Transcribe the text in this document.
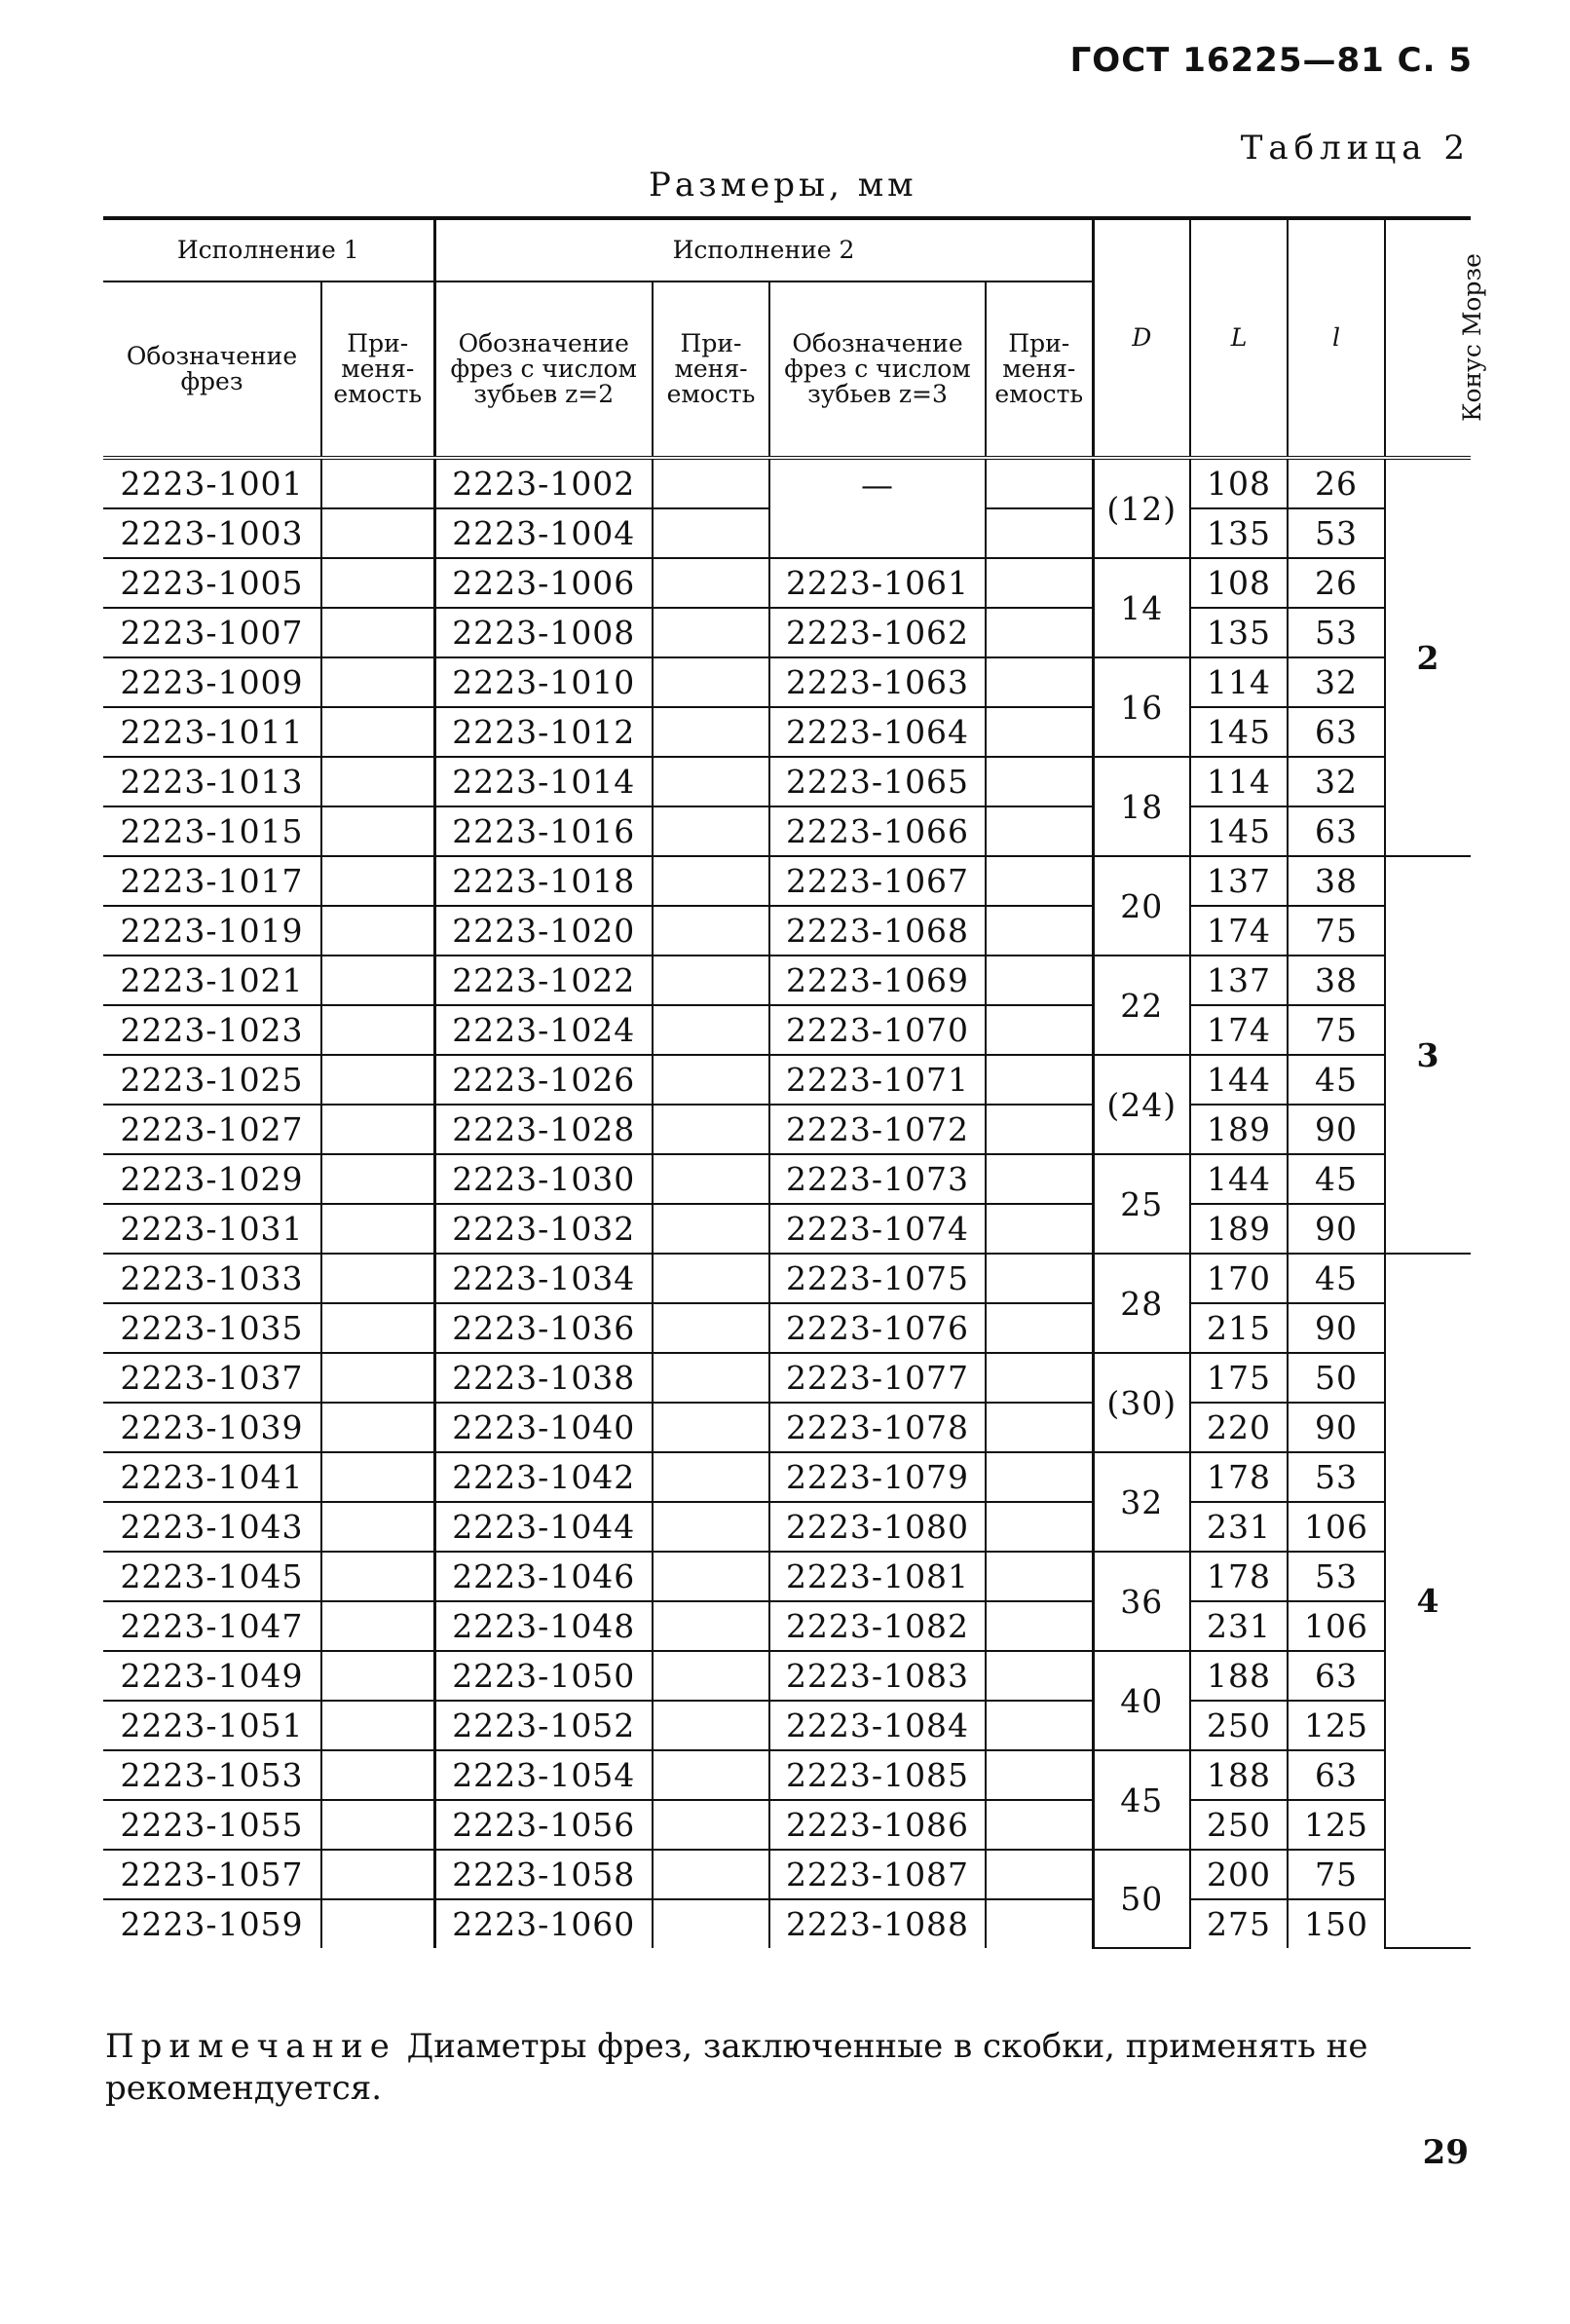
ГОСТ 16225—81 С. 5
Таблица 2
Размеры, мм
Исполнение 1		Исполнение 2				D	L	l	Конус Морзе
Обозначение фрез	При-меня-емость	Обозначение фрез с числом зубьев z=2	При-меня-емость	Обозначение фрез с числом зубьев z=3	При-меня-емость				
2223-1001		2223-1002		—		(12)	108	26	2
2223-1003		2223-1004					135	53	
2223-1005		2223-1006		2223-1061		14	108	26	
2223-1007		2223-1008		2223-1062			135	53	
2223-1009		2223-1010		2223-1063		16	114	32	
2223-1011		2223-1012		2223-1064			145	63	
2223-1013		2223-1014		2223-1065		18	114	32	
2223-1015		2223-1016		2223-1066			145	63	
2223-1017		2223-1018		2223-1067		20	137	38	3
2223-1019		2223-1020		2223-1068			174	75	
2223-1021		2223-1022		2223-1069		22	137	38	
2223-1023		2223-1024		2223-1070			174	75	
2223-1025		2223-1026		2223-1071		(24)	144	45	
2223-1027		2223-1028		2223-1072			189	90	
2223-1029		2223-1030		2223-1073		25	144	45	
2223-1031		2223-1032		2223-1074			189	90	
2223-1033		2223-1034		2223-1075		28	170	45	4
2223-1035		2223-1036		2223-1076			215	90	
2223-1037		2223-1038		2223-1077		(30)	175	50	
2223-1039		2223-1040		2223-1078			220	90	
2223-1041		2223-1042		2223-1079		32	178	53	
2223-1043		2223-1044		2223-1080			231	106	
2223-1045		2223-1046		2223-1081		36	178	53	
2223-1047		2223-1048		2223-1082			231	106	
2223-1049		2223-1050		2223-1083		40	188	63	
2223-1051		2223-1052		2223-1084			250	125	
2223-1053		2223-1054		2223-1085		45	188	63	
2223-1055		2223-1056		2223-1086			250	125	
2223-1057		2223-1058		2223-1087		50	200	75	
2223-1059		2223-1060		2223-1088			275	150	
Примечание Диаметры фрез, заключенные в скобки, применять не рекомендуется.
29
